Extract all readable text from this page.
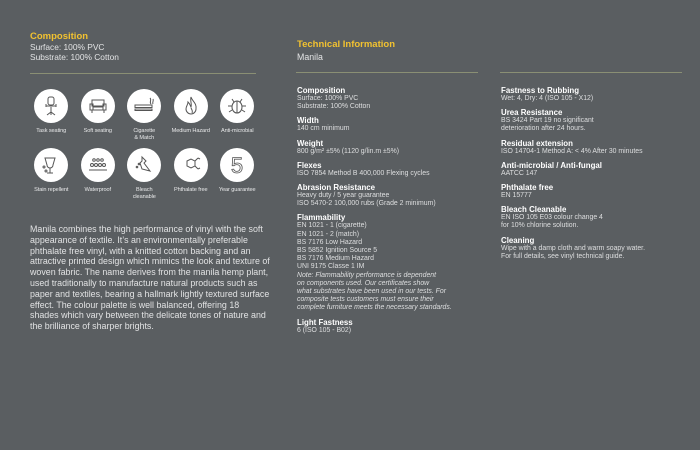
Composition
Surface: 100% PVC
Substrate: 100% Cotton
Task seating	Soft seating	Cigarette
& Match
Medium Hazard Anti-microbial
Stain repellent	Waterproof	Bleach
cleanable
Phthalate free
5
Year guarantee

Manila combines the high performance of vinyl with the soft appearance of textile. It’s an environmentally preferable phthalate free vinyl, with a knitted cotton backing and an attractive printed design which mimics the look and texture of woven fabric. The name derives from the manila hemp plant, used traditionally to manufacture natural products such as paper and textiles, bearing a hallmark lightly textured surface effect. The colour palette is well balanced, offering 18 shades which vary between the delicate tones of nature and the brilliance of sharper brights.

Technical Information
Manila
Composition
Surface: 100% PVC
Substrate: 100% Cotton
Width
140 cm minimum
Weight
800 g/m² ±5% (1120 g/lin.m ±5%)
Flexes
ISO 7854 Method B 400,000 Flexing cycles
Abrasion Resistance
Heavy duty / 5 year guarantee
ISO 5470-2 100,000 rubs (Grade 2 minimum)
Flammability
EN 1021 - 1 (cigarette)
EN 1021 - 2 (match)
BS 7176 Low Hazard
BS 5852 Ignition Source 5
BS 7176 Medium Hazard
UNI 9175 Classe 1 IM
Note: Flammability performance is dependent
on components used. Our certificates show
what substrates have been used in our tests. For
composite tests customers must ensure their
complete furniture meets the necessary standards.
Light Fastness
6 (ISO 105 - B02)
Fastness to Rubbing
Wet: 4, Dry: 4 (ISO 105 - X12)
Urea Resistance
BS 3424 Part 19 no significant
deterioration after 24 hours.
Residual extension
ISO 14704-1 Method A: < 4% After 30 minutes
Anti-microbial / Anti-fungal
AATCC 147
Phthalate free
EN 15777
Bleach Cleanable
EN ISO 105 E03 colour change 4
for 10% chlorine solution.
Cleaning
Wipe with a damp cloth and warm soapy water.
For full details, see vinyl technical guide.
